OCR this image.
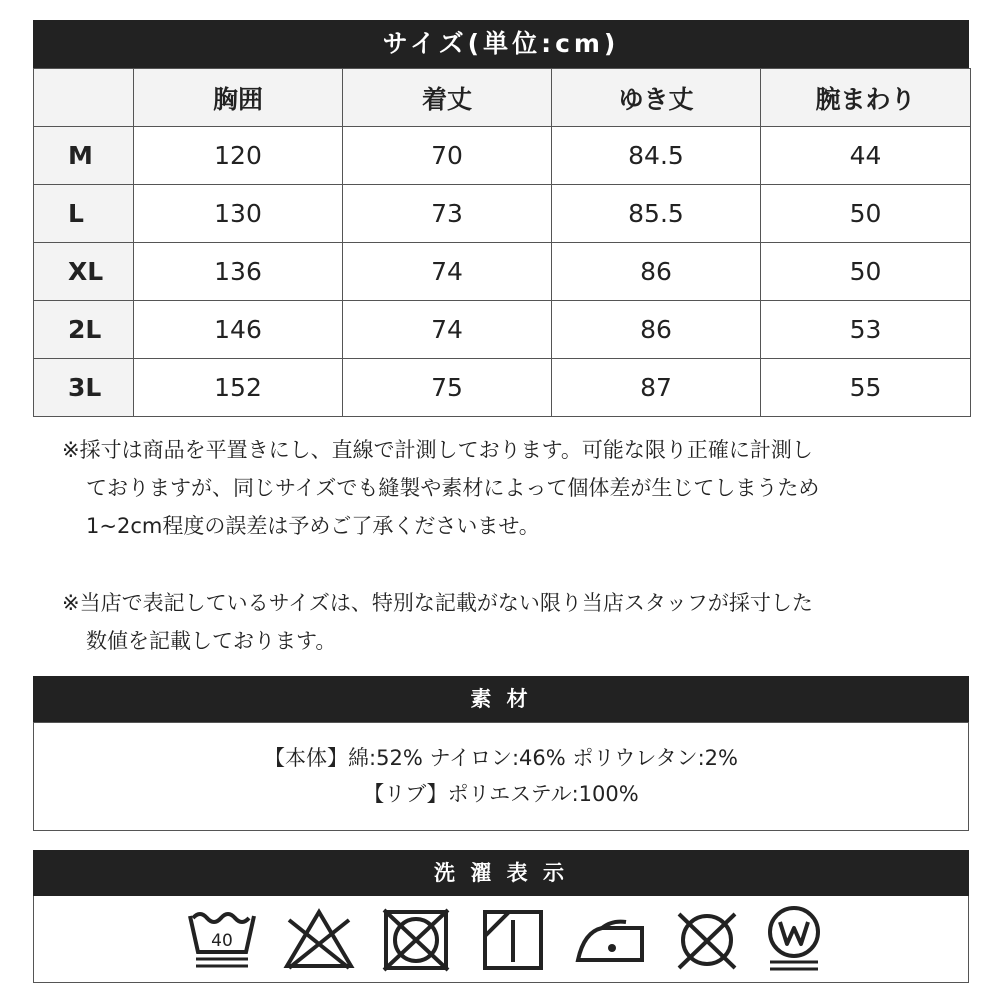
サイズ(単位:cm)
	胸囲	着丈	ゆき丈	腕まわり
M	120	70	84.5	44
L	130	73	85.5	50
XL	136	74	86	50
2L	146	74	86	53
3L	152	75	87	55
※採寸は商品を平置きにし、直線で計測しております。可能な限り正確に計測し
ておりますが、同じサイズでも縫製や素材によって個体差が生じてしまうため
1~2cm程度の誤差は予めご了承くださいませ。
※当店で表記しているサイズは、特別な記載がない限り当店スタッフが採寸した
数値を記載しております。
素 材
【本体】綿:52% ナイロン:46% ポリウレタン:2%
【リブ】ポリエステル:100%
洗 濯 表 示
40
